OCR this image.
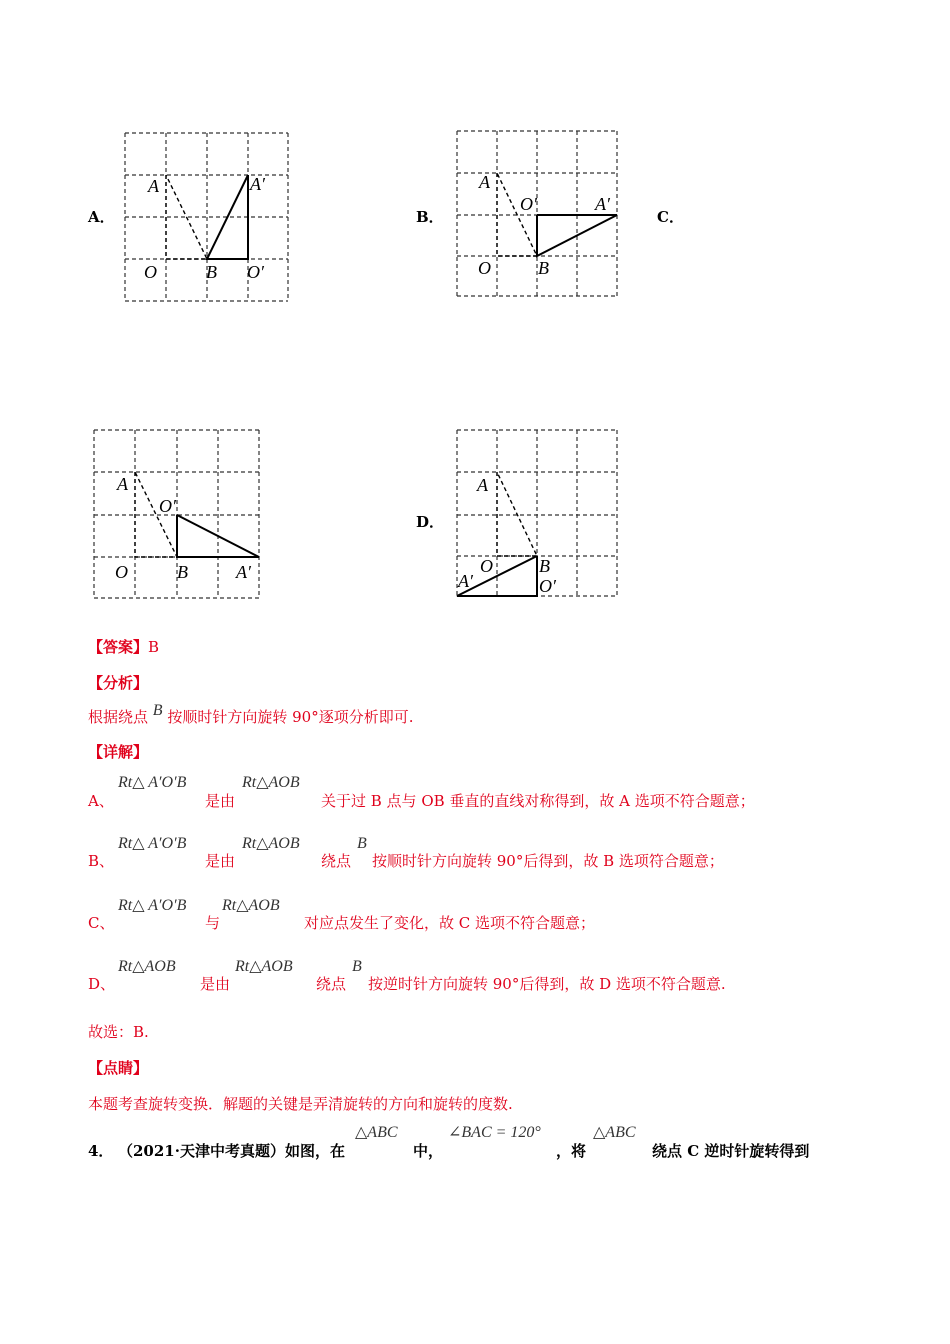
A．
A	A′
O	B O′
B．
A
O′	A′
O	B
C．
A
O′
O	B	A′
D．
A
O	B
A′	O′
【答案】B
【分析】
根据绕点 B 按顺时针方向旋转 90°逐项分析即可.
【详解】
A、
Rt△ A′O′B
是由
Rt△AOB
关于过 B 点与 OB 垂直的直线对称得到，故 A 选项不符合题意；
B、
Rt△ A′O′B
是由
Rt△AOB
绕点
B
按顺时针方向旋转 90°后得到，故 B 选项符合题意；
C、
Rt△ A′O′B
与
Rt△AOB
对应点发生了变化，故 C 选项不符合题意；
D、
Rt△AOB
是由
Rt△AOB
绕点
B
按逆时针方向旋转 90°后得到，故 D 选项不符合题意.
故选：B.
【点睛】
本题考查旋转变换．解题的关键是弄清旋转的方向和旋转的度数.
4． （2021·天津中考真题）如图，在
△ABC
中，
∠BAC = 120°
，将
△ABC
绕点 C 逆时针旋转得到
